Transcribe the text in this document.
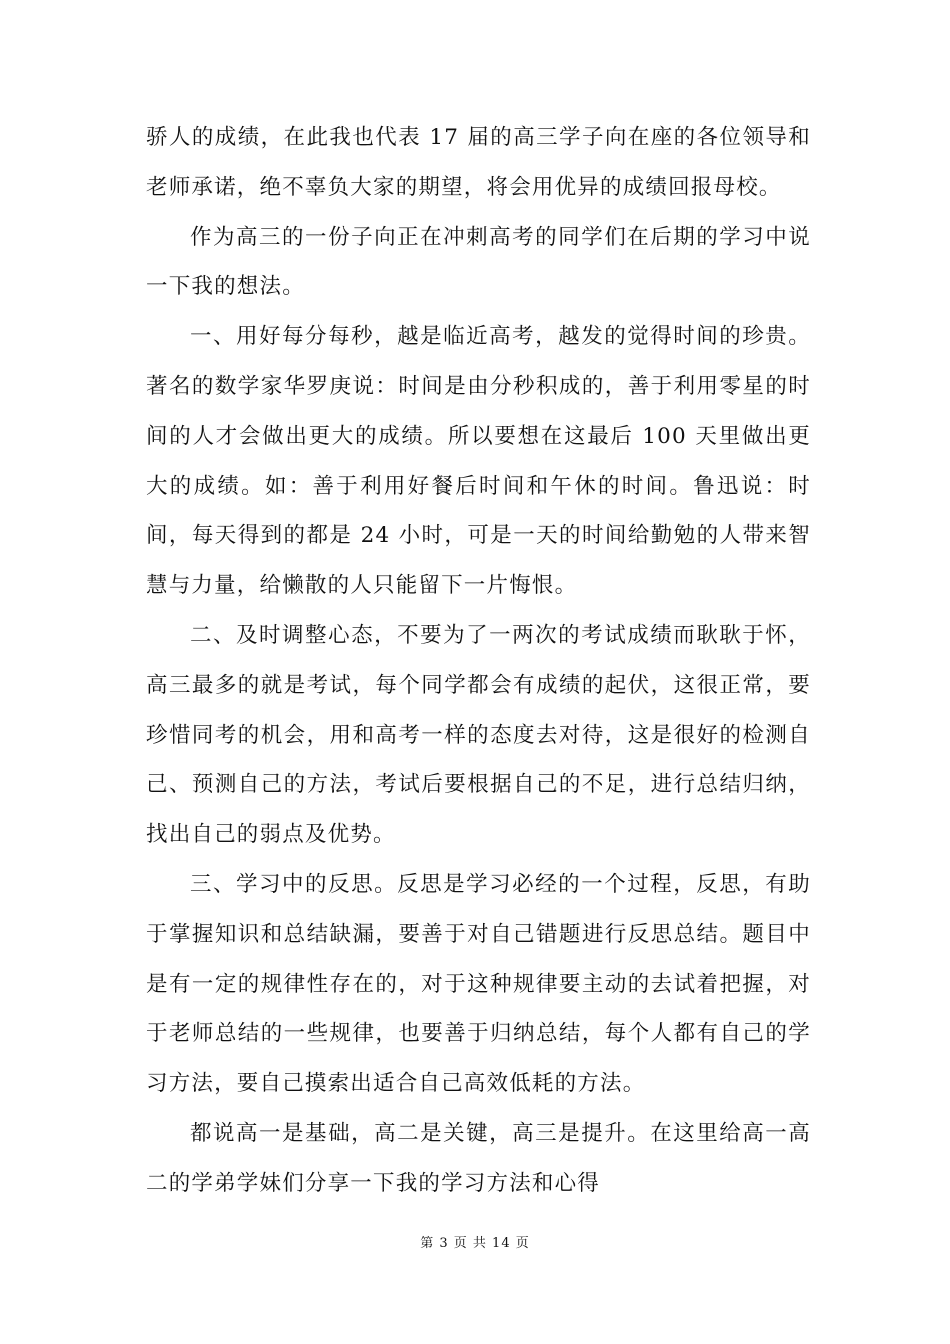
骄人的成绩，在此我也代表 17 届的高三学子向在座的各位领导和老师承诺，绝不辜负大家的期望，将会用优异的成绩回报母校。

作为高三的一份子向正在冲刺高考的同学们在后期的学习中说一下我的想法。

一、用好每分每秒，越是临近高考，越发的觉得时间的珍贵。著名的数学家华罗庚说：时间是由分秒积成的，善于利用零星的时间的人才会做出更大的成绩。所以要想在这最后 100 天里做出更大的成绩。如：善于利用好餐后时间和午休的时间。鲁迅说：时间，每天得到的都是 24 小时，可是一天的时间给勤勉的人带来智慧与力量，给懒散的人只能留下一片悔恨。

二、及时调整心态，不要为了一两次的考试成绩而耿耿于怀，高三最多的就是考试，每个同学都会有成绩的起伏，这很正常，要珍惜同考的机会，用和高考一样的态度去对待，这是很好的检测自己、预测自己的方法，考试后要根据自己的不足，进行总结归纳，找出自己的弱点及优势。

三、学习中的反思。反思是学习必经的一个过程，反思，有助于掌握知识和总结缺漏，要善于对自己错题进行反思总结。题目中是有一定的规律性存在的，对于这种规律要主动的去试着把握，对于老师总结的一些规律，也要善于归纳总结，每个人都有自己的学习方法，要自己摸索出适合自己高效低耗的方法。

都说高一是基础，高二是关键，高三是提升。在这里给高一高二的学弟学妹们分享一下我的学习方法和心得

第 3 页 共 14 页
